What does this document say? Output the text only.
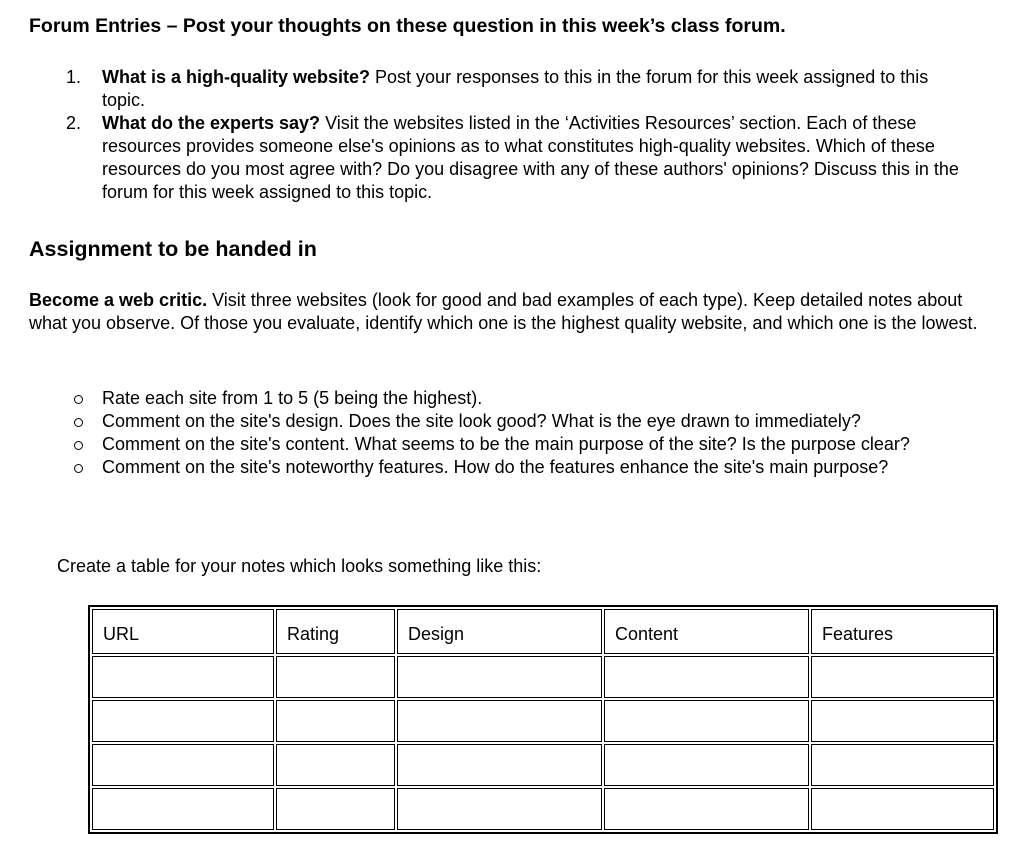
Forum Entries – Post your thoughts on these question in this week’s class forum.
1. What is a high-quality website? Post your responses to this in the forum for this week assigned to this topic.
2. What do the experts say? Visit the websites listed in the ‘Activities Resources’ section. Each of these resources provides someone else's opinions as to what constitutes high-quality websites. Which of these resources do you most agree with? Do you disagree with any of these authors' opinions? Discuss this in the forum for this week assigned to this topic.
Assignment to be handed in

Become a web critic. Visit three websites (look for good and bad examples of each type). Keep detailed notes about what you observe. Of those you evaluate, identify which one is the highest quality website, and which one is the lowest.

Rate each site from 1 to 5 (5 being the highest).
Comment on the site's design. Does the site look good? What is the eye drawn to immediately?
Comment on the site's content. What seems to be the main purpose of the site? Is the purpose clear?
Comment on the site's noteworthy features. How do the features enhance the site's main purpose?
Create a table for your notes which looks something like this:
URL	Rating	Design	Content	Features
